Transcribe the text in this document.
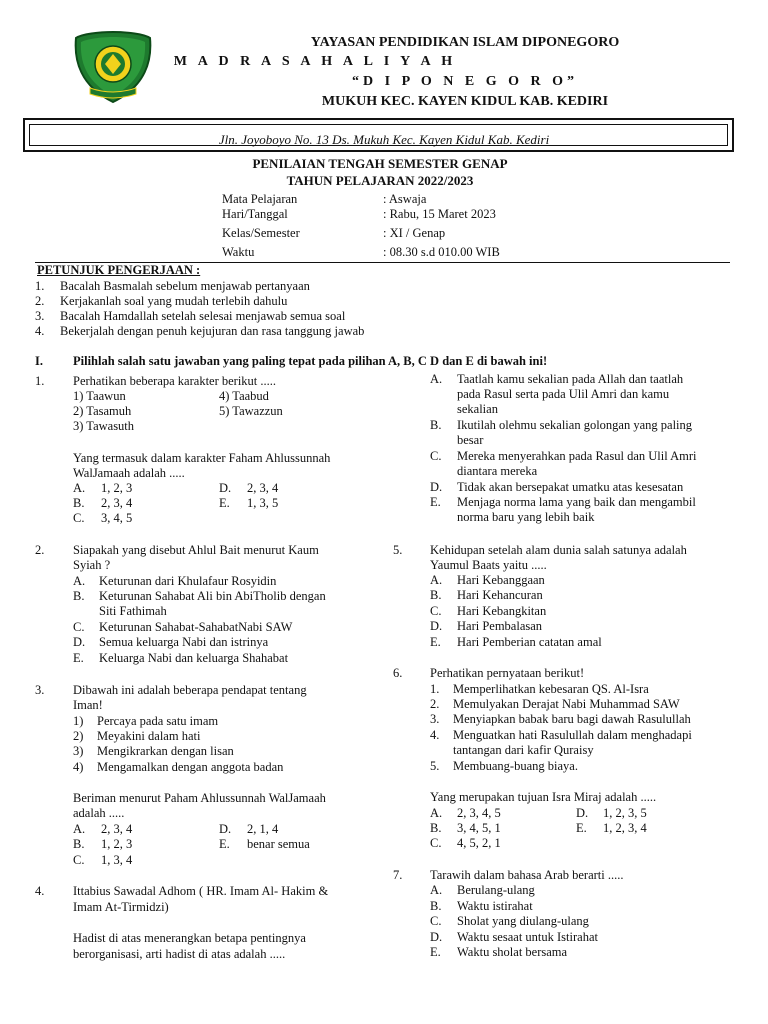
YAYASAN PENDIDIKAN ISLAM DIPONEGORO
M A D R A S A H A L I Y A H
“D I P O N E G O R O”
MUKUH KEC. KAYEN KIDUL KAB. KEDIRI
Jln. Joyoboyo No. 13 Ds. Mukuh Kec. Kayen Kidul Kab. Kediri
PENILAIAN TENGAH SEMESTER GENAP
TAHUN PELAJARAN 2022/2023
Mata Pelajaran	: Aswaja
Hari/Tanggal	: Rabu, 15 Maret 2023
Kelas/Semester	: XI / Genap
Waktu	: 08.30 s.d 010.00 WIB
PETUNJUK PENGERJAAN :
1. Bacalah Basmalah sebelum menjawab pertanyaan
2. Kerjakanlah soal yang mudah terlebih dahulu
3. Bacalah Hamdallah setelah selesai menjawab semua soal
4. Bekerjalah dengan penuh kejujuran dan rasa tanggung jawab
I. Pilihlah salah satu jawaban yang paling tepat pada pilihan A, B, C D dan E di bawah ini!
1. Perhatikan beberapa karakter berikut .....
1) Taawun	4) Taabud
2) Tasamuh	5) Tawazzun
3) Tawasuth
Yang termasuk dalam karakter Faham Ahlussunnah
WalJamaah adalah .....
A. 1, 2, 3	D. 2, 3, 4
B. 2, 3, 4	E. 1, 3, 5
C. 3, 4, 5
2. Siapakah yang disebut Ahlul Bait menurut Kaum
Syiah ?
A. Keturunan dari Khulafaur Rosyidin
B. Keturunan Sahabat Ali bin AbiTholib dengan
Siti Fathimah
C. Keturunan Sahabat-SahabatNabi SAW
D. Semua keluarga Nabi dan istrinya
E. Keluarga Nabi dan keluarga Shahabat
3. Dibawah ini adalah beberapa pendapat tentang
Iman!
1) Percaya pada satu imam
2) Meyakini dalam hati
3) Mengikrarkan dengan lisan
4) Mengamalkan dengan anggota badan
Beriman menurut Paham Ahlussunnah WalJamaah
adalah .....
A. 2, 3, 4	D. 2, 1, 4
B. 1, 2, 3	E. benar semua
C. 1, 3, 4
4. Ittabius Sawadal Adhom ( HR. Imam Al- Hakim &
Imam At-Tirmidzi)
Hadist di atas menerangkan betapa pentingnya
berorganisasi, arti hadist di atas adalah .....
A. Taatlah kamu sekalian pada Allah dan taatlah
pada Rasul serta pada Ulil Amri dan kamu
sekalian
B. Ikutilah olehmu sekalian golongan yang paling
besar
C. Mereka menyerahkan pada Rasul dan Ulil Amri
diantara mereka
D. Tidak akan bersepakat umatku atas kesesatan
E. Menjaga norma lama yang baik dan mengambil
norma baru yang lebih baik
5. Kehidupan setelah alam dunia salah satunya adalah
Yaumul Baats yaitu .....
A. Hari Kebanggaan
B. Hari Kehancuran
C. Hari Kebangkitan
D. Hari Pembalasan
E. Hari Pemberian catatan amal
6. Perhatikan pernyataan berikut!
1. Memperlihatkan kebesaran QS. Al-Isra
2. Memulyakan Derajat Nabi Muhammad SAW
3. Menyiapkan babak baru bagi dawah Rasulullah
4. Menguatkan hati Rasulullah dalam menghadapi
tantangan dari kafir Quraisy
5. Membuang-buang biaya.
Yang merupakan tujuan Isra Miraj adalah .....
A. 2, 3, 4, 5	D. 1, 2, 3, 5
B. 3, 4, 5, 1	E. 1, 2, 3, 4
C. 4, 5, 2, 1
7. Tarawih dalam bahasa Arab berarti .....
A. Berulang-ulang
B. Waktu istirahat
C. Sholat yang diulang-ulang
D. Waktu sesaat untuk Istirahat
E. Waktu sholat bersama
